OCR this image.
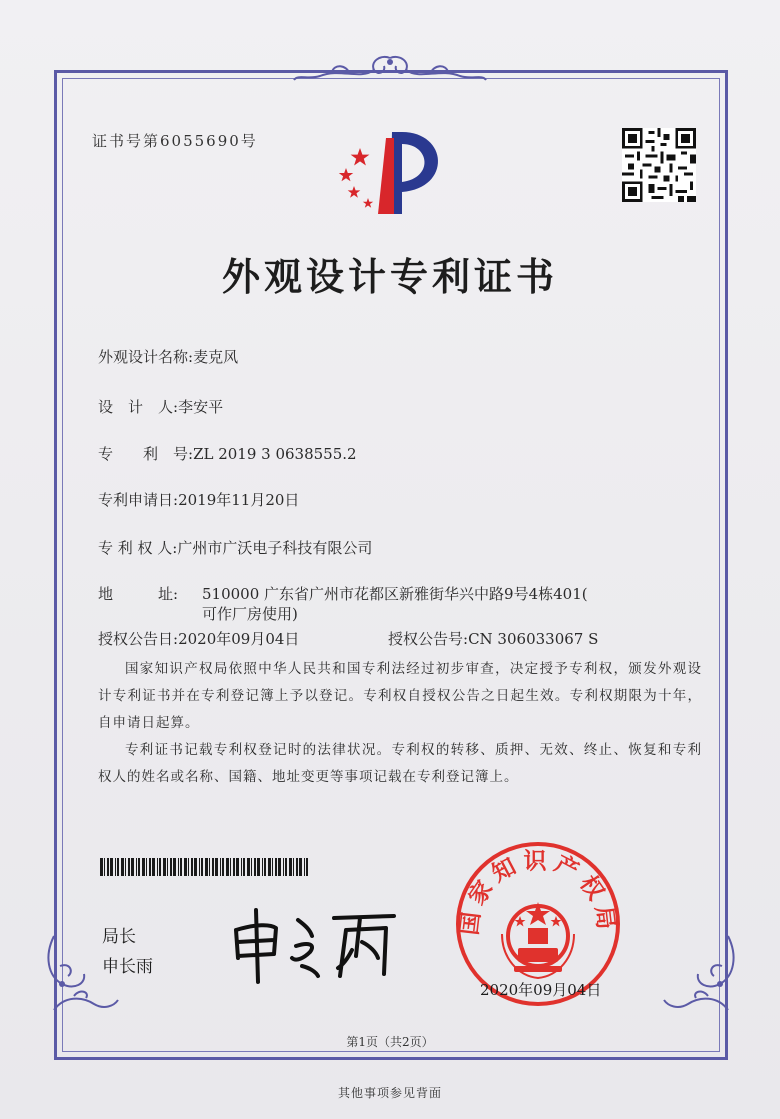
证书号第6055690号
外观设计专利证书
外观设计名称:麦克风
设　计　人:李安平
专　　利　号:ZL 2019 3 0638555.2
专利申请日:2019年11月20日
专 利 权 人:广州市广沃电子科技有限公司
地　　　址: 510000 广东省广州市花都区新雅街华兴中路9号4栋401(
可作厂房使用)
授权公告日:2020年09月04日	授权公告号:CN 306033067 S
国家知识产权局依照中华人民共和国专利法经过初步审查，决定授予专利权，颁发外观设计专利证书并在专利登记簿上予以登记。专利权自授权公告之日起生效。专利权期限为十年，自申请日起算。
专利证书记载专利权登记时的法律状况。专利权的转移、质押、无效、终止、恢复和专利权人的姓名或名称、国籍、地址变更等事项记载在专利登记簿上。
局长
申长雨
国家知识产权局
2020年09月04日
第1页（共2页）
其他事项参见背面
